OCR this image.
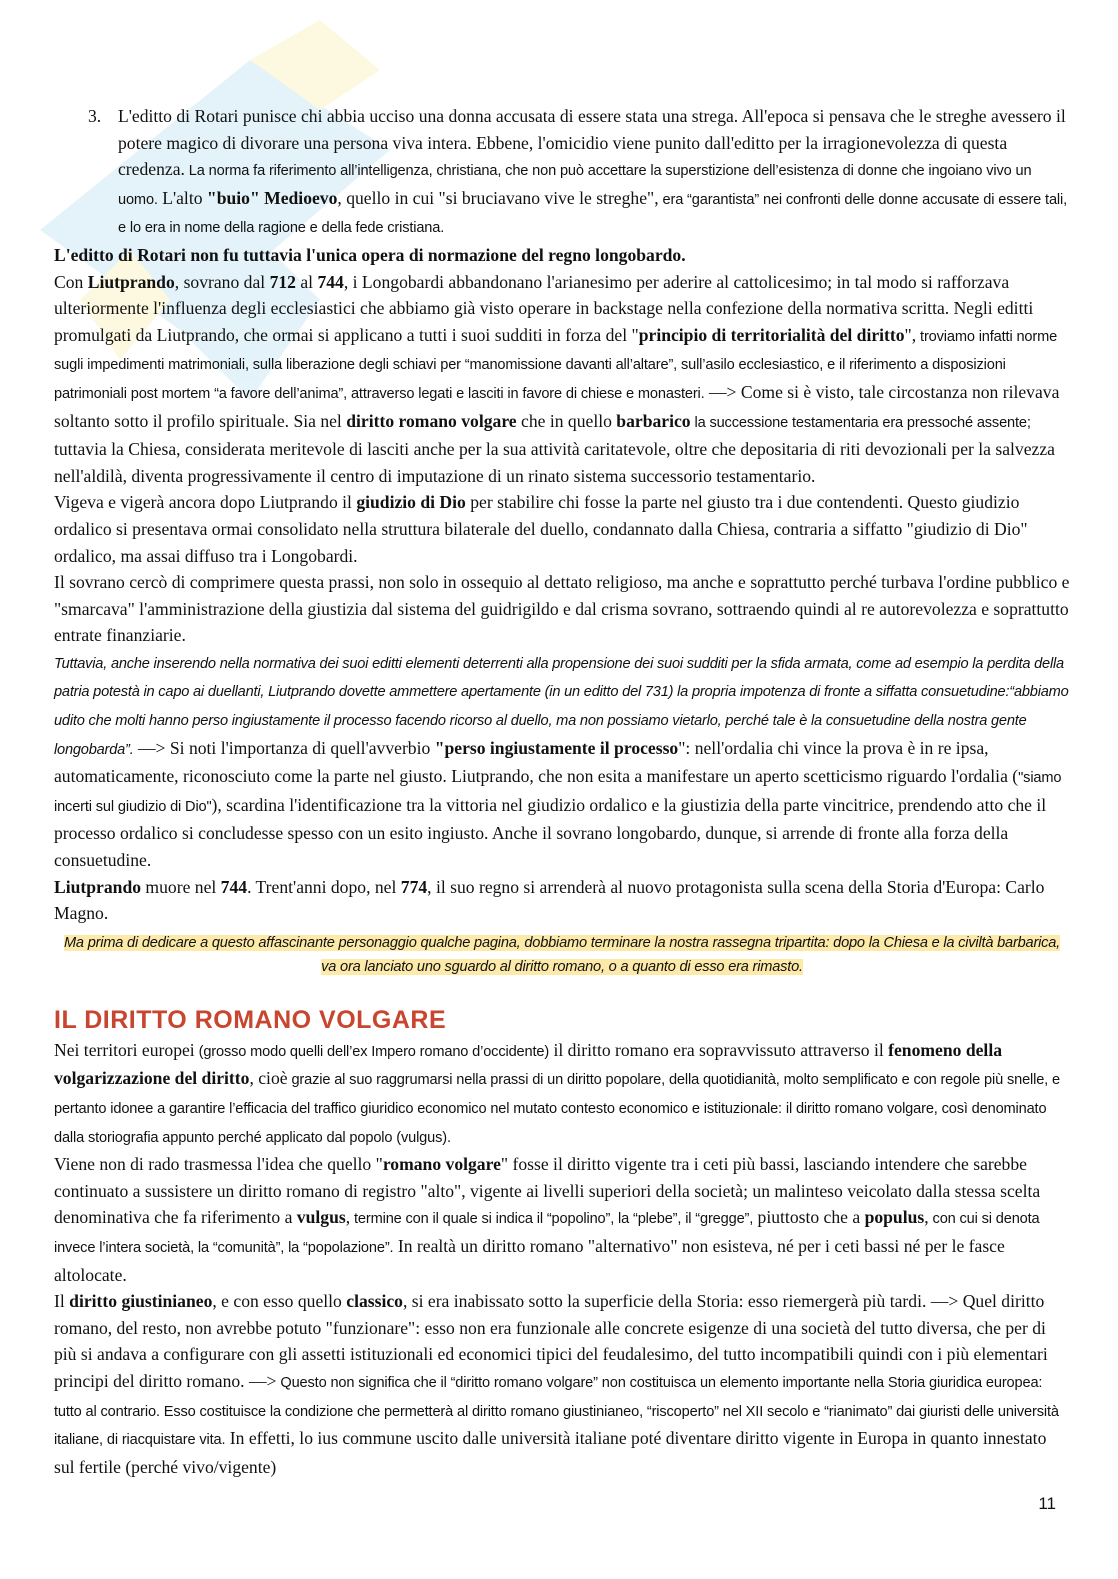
3. L'editto di Rotari punisce chi abbia ucciso una donna accusata di essere stata una strega. All'epoca si pensava che le streghe avessero il potere magico di divorare una persona viva intera. Ebbene, l'omicidio viene punito dall'editto per la irragionevolezza di questa credenza. La norma fa riferimento all’intelligenza, christiana, che non può accettare la superstizione dell’esistenza di donne che ingoiano vivo un uomo. L'alto "buio" Medioevo, quello in cui "si bruciavano vive le streghe", era “garantista” nei confronti delle donne accusate di essere tali, e lo era in nome della ragione e della fede cristiana.

L'editto di Rotari non fu tuttavia l'unica opera di normazione del regno longobardo.

Con Liutprando, sovrano dal 712 al 744, i Longobardi abbandonano l'arianesimo per aderire al cattolicesimo; in tal modo si rafforzava ulteriormente l'influenza degli ecclesiastici che abbiamo già visto operare in backstage nella confezione della normativa scritta. Negli editti promulgati da Liutprando, che ormai si applicano a tutti i suoi sudditi in forza del "principio di territorialità del diritto", troviamo infatti norme sugli impedimenti matrimoniali, sulla liberazione degli schiavi per “manomissione davanti all’altare”, sull’asilo ecclesiastico, e il riferimento a disposizioni patrimoniali post mortem “a favore dell’anima”, attraverso legati e lasciti in favore di chiese e monasteri. —> Come si è visto, tale circostanza non rilevava soltanto sotto il profilo spirituale. Sia nel diritto romano volgare che in quello barbarico la successione testamentaria era pressoché assente; tuttavia la Chiesa, considerata meritevole di lasciti anche per la sua attività caritatevole, oltre che depositaria di riti devozionali per la salvezza nell'aldilà, diventa progressivamente il centro di imputazione di un rinato sistema successorio testamentario.

Vigeva e vigerà ancora dopo Liutprando il giudizio di Dio per stabilire chi fosse la parte nel giusto tra i due contendenti. Questo giudizio ordalico si presentava ormai consolidato nella struttura bilaterale del duello, condannato dalla Chiesa, contraria a siffatto "giudizio di Dio" ordalico, ma assai diffuso tra i Longobardi.

Il sovrano cercò di comprimere questa prassi, non solo in ossequio al dettato religioso, ma anche e soprattutto perché turbava l'ordine pubblico e "smarcava" l'amministrazione della giustizia dal sistema del guidrigildo e dal crisma sovrano, sottraendo quindi al re autorevolezza e soprattutto entrate finanziarie.

Tuttavia, anche inserendo nella normativa dei suoi editti elementi deterrenti alla propensione dei suoi sudditi per la sfida armata, come ad esempio la perdita della patria potestà in capo ai duellanti, Liutprando dovette ammettere apertamente (in un editto del 731) la propria impotenza di fronte a siffatta consuetudine:“abbiamo udito che molti hanno perso ingiustamente il processo facendo ricorso al duello, ma non possiamo vietarlo, perché tale è la consuetudine della nostra gente longobarda”. —> Si noti l'importanza di quell'avverbio "perso ingiustamente il processo": nell'ordalia chi vince la prova è in re ipsa, automaticamente, riconosciuto come la parte nel giusto. Liutprando, che non esita a manifestare un aperto scetticismo riguardo l'ordalia ("siamo incerti sul giudizio di Dio"), scardina l'identificazione tra la vittoria nel giudizio ordalico e la giustizia della parte vincitrice, prendendo atto che il processo ordalico si concludesse spesso con un esito ingiusto. Anche il sovrano longobardo, dunque, si arrende di fronte alla forza della consuetudine.

Liutprando muore nel 744. Trent'anni dopo, nel 774, il suo regno si arrenderà al nuovo protagonista sulla scena della Storia d'Europa: Carlo Magno.

Ma prima di dedicare a questo affascinante personaggio qualche pagina, dobbiamo terminare la nostra rassegna tripartita: dopo la Chiesa e la civiltà barbarica,
va ora lanciato uno sguardo al diritto romano, o a quanto di esso era rimasto.

IL DIRITTO ROMANO VOLGARE

Nei territori europei (grosso modo quelli dell’ex Impero romano d’occidente) il diritto romano era sopravvissuto attraverso il fenomeno della volgarizzazione del diritto, cioè grazie al suo raggrumarsi nella prassi di un diritto popolare, della quotidianità, molto semplificato e con regole più snelle, e pertanto idonee a garantire l’efficacia del traffico giuridico economico nel mutato contesto economico e istituzionale: il diritto romano volgare, così denominato dalla storiografia appunto perché applicato dal popolo (vulgus).

Viene non di rado trasmessa l'idea che quello "romano volgare" fosse il diritto vigente tra i ceti più bassi, lasciando intendere che sarebbe continuato a sussistere un diritto romano di registro "alto", vigente ai livelli superiori della società; un malinteso veicolato dalla stessa scelta denominativa che fa riferimento a vulgus, termine con il quale si indica il “popolino”, la “plebe”, il “gregge”, piuttosto che a populus, con cui si denota invece l’intera società, la “comunità”, la “popolazione”. In realtà un diritto romano "alternativo" non esisteva, né per i ceti bassi né per le fasce altolocate.

Il diritto giustinianeo, e con esso quello classico, si era inabissato sotto la superficie della Storia: esso riemergerà più tardi. —> Quel diritto romano, del resto, non avrebbe potuto "funzionare": esso non era funzionale alle concrete esigenze di una società del tutto diversa, che per di più si andava a configurare con gli assetti istituzionali ed economici tipici del feudalesimo, del tutto incompatibili quindi con i più elementari principi del diritto romano. —> Questo non significa che il “diritto romano volgare” non costituisca un elemento importante nella Storia giuridica europea: tutto al contrario. Esso costituisce la condizione che permetterà al diritto romano giustinianeo, “riscoperto” nel XII secolo e “rianimato” dai giuristi delle università italiane, di riacquistare vita. In effetti, lo ius commune uscito dalle università italiane poté diventare diritto vigente in Europa in quanto innestato sul fertile (perché vivo/vigente)

11
